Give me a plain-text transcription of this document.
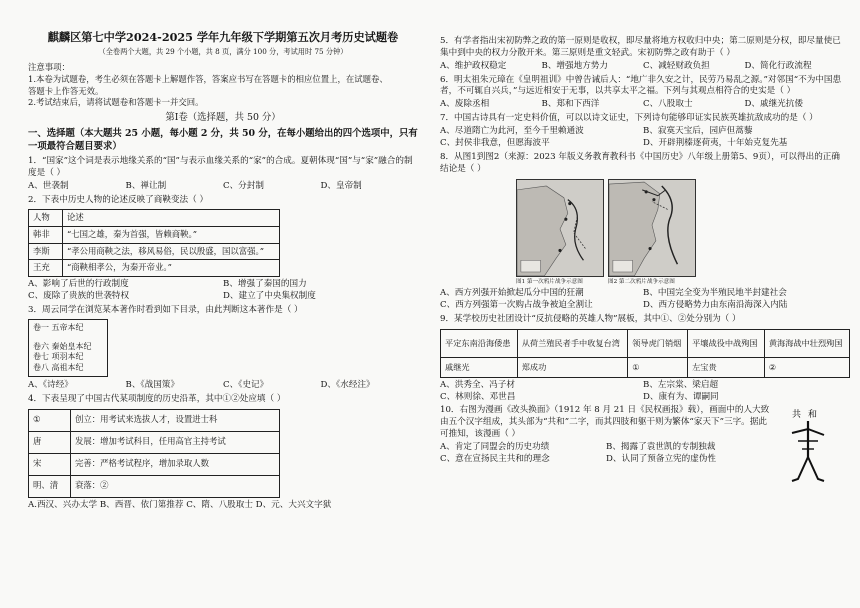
麒麟区第七中学2024-2025 学年九年级下学期第五次月考历史试题卷
（全卷两个大题，共 29 个小题，共 8 页，满分 100 分，考试用时 75 分钟）

注意事项：

1.本卷为试题卷，考生必须在答题卡上解题作答，答案应书写在答题卡的相应位置上，在试题卷、

答题卡上作答无效。

2.考试结束后，请将试题卷和答题卡一并交回。

第Ⅰ卷（选择题，共 50 分）
一、选择题（本大题共 25 小题，每小题 2 分，共 50 分，在每小题给出的四个选项中，只有一项最符合题目要求）
1．“国家”这个词是表示地缘关系的“国”与表示血缘关系的“家”的合成。夏朝体现“国”与“家”融合的制度是（ ）
A、世袭制	B、禅让制	C、分封制	D、皇帝制
2．下表中历史人物的论述反映了商鞅变法（ ）
人物	论述
韩非	“七国之雄，秦为首强，皆赖商鞅。”
李斯	“孝公用商鞅之法，移风易俗，民以殷盛，国以富强。”
王充	“商鞅相孝公，为秦开帝业。”
A、影响了后世的行政制度	B、增强了秦国的国力
C、废除了贵族的世袭特权	D、建立了中央集权制度
3．周云同学在浏览某本著作时看到如下目录，由此判断这本著作是（ ）
卷一 五帝本纪
卷六 秦始皇本纪
卷七 项羽本纪
卷八 高祖本纪
A、《诗经》	B、《战国策》	C、《史记》	D、《水经注》
4．下表呈现了中国古代某项制度的历史沿革，其中①②处应填（ ）
①	创立：用考试来选拔人才，设置进士科
唐	发展：增加考试科目，任用高官主持考试
宋	完善：严格考试程序，增加录取人数
明、清	衰落：②
A.西汉、兴办太学 B、西晋、依门第推荐 C、隋、八股取士 D、元、大兴文字狱
5．有学者指出宋初防弊之政的第一原则是收权，即尽量将地方权收归中央；第二原则是分权，即尽量使已集中到中央的权力分散开来。第三原则是重文轻武。宋初防弊之政有助于（ ）
A、维护政权稳定	B、增强地方势力	C、减轻财政负担	D、简化行政流程
6．明太祖朱元璋在《皇明祖训》中曾告诫后人：“地广非久安之计，民劳乃易乱之源。”对邻国“不为中国患者，不可辄自兴兵，”与远近相安于无事，以共享太平之福。下列与其观点相符合的史实是（ ）
A、废除丞相	B、郑和下西洋	C、八股取士	D、戚继光抗倭
7．中国古诗具有一定史料价值，可以以诗文证史，下列诗句能够印证实民族英雄抗敌成功的是（ ）
A、尽道隋亡为此河，至今千里赖通波	B、寂寞天宝后，园庐但蒿藜
C、封侯非我意，但愿海波平	D、开辟荆榛逐荷夷，十年始克复先基
8．从图1到图2（来源：2023 年版义务教育教科书《中国历史》八年级上册第5、9页），可以得出的正确结论是（ ）
图1 第一次鸦片战争示意图	图2 第二次鸦片战争示意图
A、西方列强开始掀起瓜分中国的狂潮	B、中国完全变为半殖民地半封建社会
C、西方列强第一次购占战争被迫全割让	D、西方侵略势力由东南沿海深入内陆
9．某学校历史社团设计“反抗侵略的英雄人物”展板，其中①、②处分别为（ ）
平定东南沿海倭患	从荷兰殖民者手中收复台湾	领导虎门销烟	平壤战役中战殉国	黄海海战中壮烈殉国
戚继光	郑成功	①	左宝贵	②
A、洪秀全、冯子材	B、左宗棠、梁启超
C、林则徐、邓世昌	D、康有为、谭嗣同
10．右图为漫画《改头换面》（1912 年 8 月 21 日《民权画报》载），画面中的人大致由五个汉字组成，其头部为“共和”二字，而其四肢和躯干则为繁体“家天下”三字。据此可推知，该漫画（ ）
A、肯定了同盟会的历史功绩	B、揭露了袁世凯的专制独裁
C、意在宣扬民主共和的理念	D、认同了预备立宪的虚伪性
共 和
